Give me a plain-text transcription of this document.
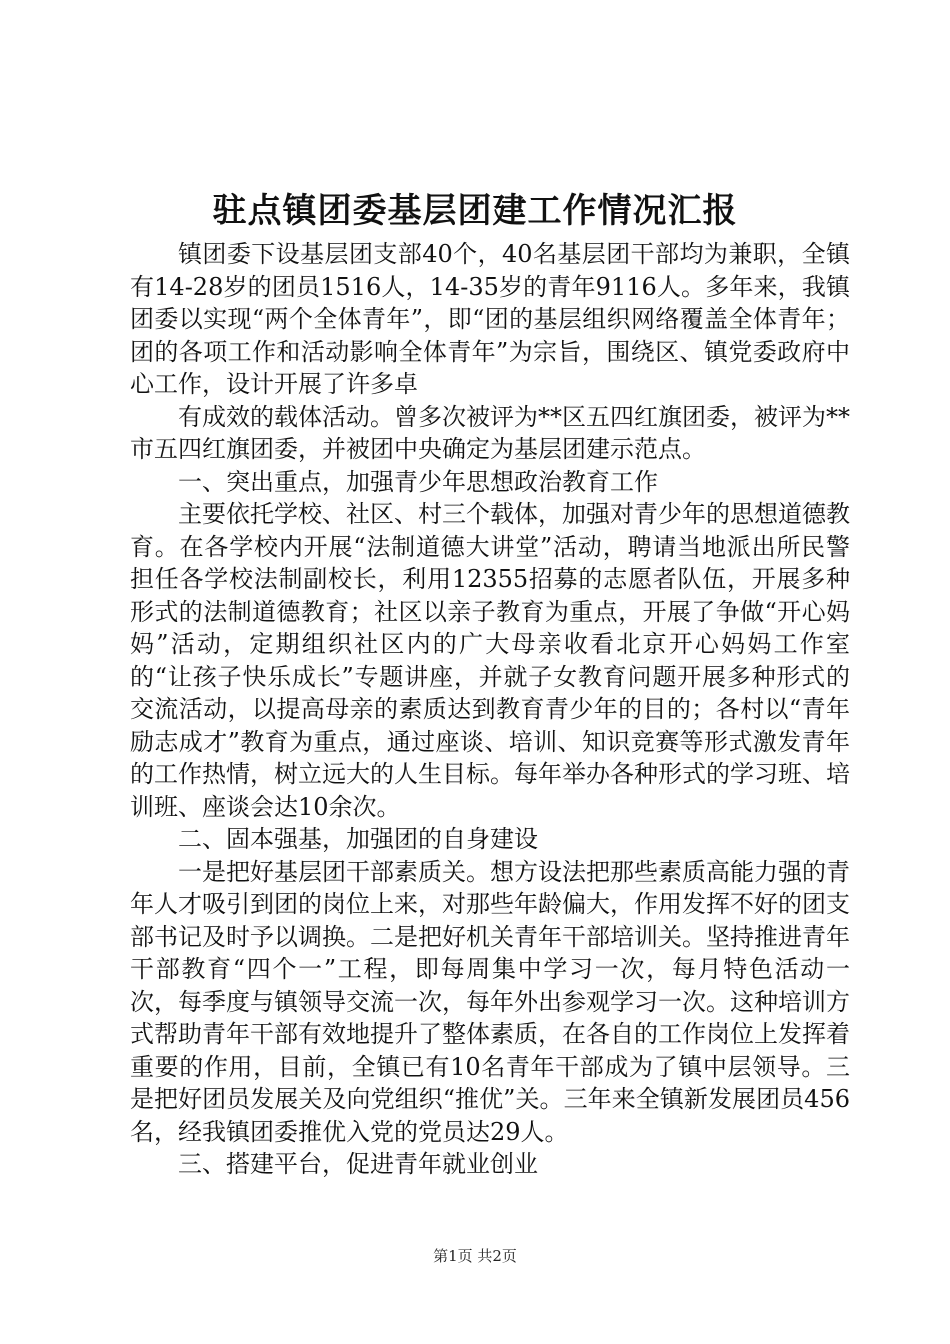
驻点镇团委基层团建工作情况汇报

镇团委下设基层团支部40个，40名基层团干部均为兼职，全镇有14-28岁的团员1516人，14-35岁的青年9116人。多年来，我镇团委以实现“两个全体青年”，即“团的基层组织网络覆盖全体青年；团的各项工作和活动影响全体青年”为宗旨，围绕区、镇党委政府中心工作，设计开展了许多卓

有成效的载体活动。曾多次被评为**区五四红旗团委，被评为**市五四红旗团委，并被团中央确定为基层团建示范点。

一、突出重点，加强青少年思想政治教育工作

主要依托学校、社区、村三个载体，加强对青少年的思想道德教育。在各学校内开展“法制道德大讲堂”活动，聘请当地派出所民警担任各学校法制副校长，利用12355招募的志愿者队伍，开展多种形式的法制道德教育；社区以亲子教育为重点，开展了争做“开心妈妈”活动，定期组织社区内的广大母亲收看北京开心妈妈工作室的“让孩子快乐成长”专题讲座，并就子女教育问题开展多种形式的交流活动，以提高母亲的素质达到教育青少年的目的；各村以“青年励志成才”教育为重点，通过座谈、培训、知识竞赛等形式激发青年的工作热情，树立远大的人生目标。每年举办各种形式的学习班、培训班、座谈会达10余次。

二、固本强基，加强团的自身建设

一是把好基层团干部素质关。想方设法把那些素质高能力强的青年人才吸引到团的岗位上来，对那些年龄偏大，作用发挥不好的团支部书记及时予以调换。二是把好机关青年干部培训关。坚持推进青年干部教育“四个一”工程，即每周集中学习一次，每月特色活动一次，每季度与镇领导交流一次，每年外出参观学习一次。这种培训方式帮助青年干部有效地提升了整体素质，在各自的工作岗位上发挥着重要的作用，目前，全镇已有10名青年干部成为了镇中层领导。三是把好团员发展关及向党组织“推优”关。三年来全镇新发展团员456名，经我镇团委推优入党的党员达29人。

三、搭建平台，促进青年就业创业

第1页 共2页
